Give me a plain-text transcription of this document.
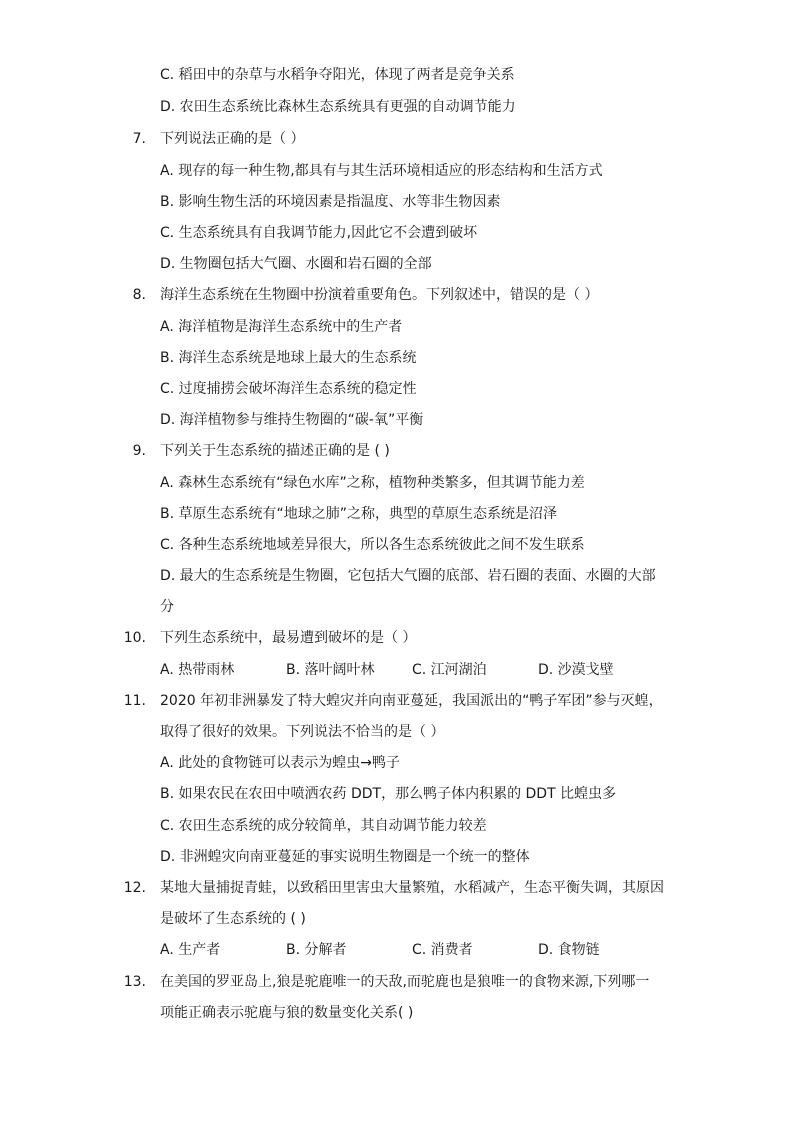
C. 稻田中的杂草与水稻争夺阳光，体现了两者是竞争关系
D. 农田生态系统比森林生态系统具有更强的自动调节能力
7. 下列说法正确的是（ ）
A. 现存的每一种生物,都具有与其生活环境相适应的形态结构和生活方式
B. 影响生物生活的环境因素是指温度、水等非生物因素
C. 生态系统具有自我调节能力,因此它不会遭到破坏
D. 生物圈包括大气圈、水圈和岩石圈的全部
8. 海洋生态系统在生物圈中扮演着重要角色。下列叙述中，错误的是（ ）
A. 海洋植物是海洋生态系统中的生产者
B. 海洋生态系统是地球上最大的生态系统
C. 过度捕捞会破坏海洋生态系统的稳定性
D. 海洋植物参与维持生物圈的“碳-氧”平衡
9. 下列关于生态系统的描述正确的是 ( )
A. 森林生态系统有“绿色水库”之称，植物种类繁多，但其调节能力差
B. 草原生态系统有“地球之肺”之称，典型的草原生态系统是沼泽
C. 各种生态系统地域差异很大，所以各生态系统彼此之间不发生联系
D. 最大的生态系统是生物圈，它包括大气圈的底部、岩石圈的表面、水圈的大部
分
10. 下列生态系统中，最易遭到破坏的是（ ）
A. 热带雨林	B. 落叶阔叶林	C. 江河湖泊	D. 沙漠戈壁
11. 2020 年初非洲暴发了特大蝗灾并向南亚蔓延，我国派出的“鸭子军团”参与灭蝗，
取得了很好的效果。下列说法不恰当的是（ ）
A. 此处的食物链可以表示为蝗虫→鸭子
B. 如果农民在农田中喷洒农药 DDT，那么鸭子体内积累的 DDT 比蝗虫多
C. 农田生态系统的成分较简单，其自动调节能力较差
D. 非洲蝗灾向南亚蔓延的事实说明生物圈是一个统一的整体
12. 某地大量捕捉青蛙，以致稻田里害虫大量繁殖，水稻减产，生态平衡失调，其原因
是破坏了生态系统的 ( )
A. 生产者	B. 分解者	C. 消费者	D. 食物链
13. 在美国的罗亚岛上,狼是驼鹿唯一的天敌,而驼鹿也是狼唯一的食物来源,下列哪一
项能正确表示驼鹿与狼的数量变化关系( )
